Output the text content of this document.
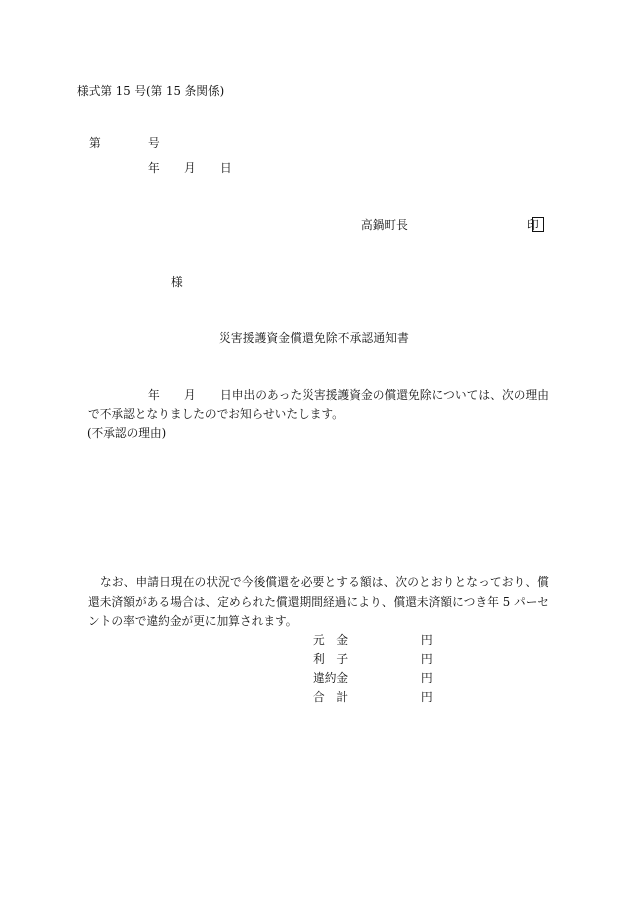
様式第 15 号(第 15 条関係)
第	号
年 月 日
高鍋町長	印
様
災害援護資金償還免除不承認通知書
年 月 日申出のあった災害援護資金の償還免除については、次の理由
で不承認となりましたのでお知らせいたします。
(不承認の理由)
なお、申請日現在の状況で今後償還を必要とする額は、次のとおりとなっており、償
還未済額がある場合は、定められた償還期間経過により、償還未済額につき年 5 パーセ
ントの率で違約金が更に加算されます。
元　金	円
利　子	円
違約金	円
合　計	円
